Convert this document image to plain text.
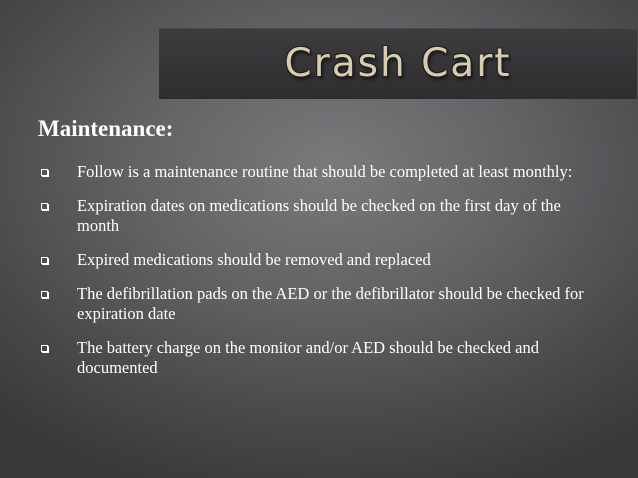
Crash Cart
Maintenance:
Follow is a maintenance routine that should be completed at least monthly:
Expiration dates on medications should be checked on the first day of the month
Expired medications should be removed and replaced
The defibrillation pads on the AED or the defibrillator should be checked for expiration date
The battery charge on the monitor and/or AED should be checked and documented
